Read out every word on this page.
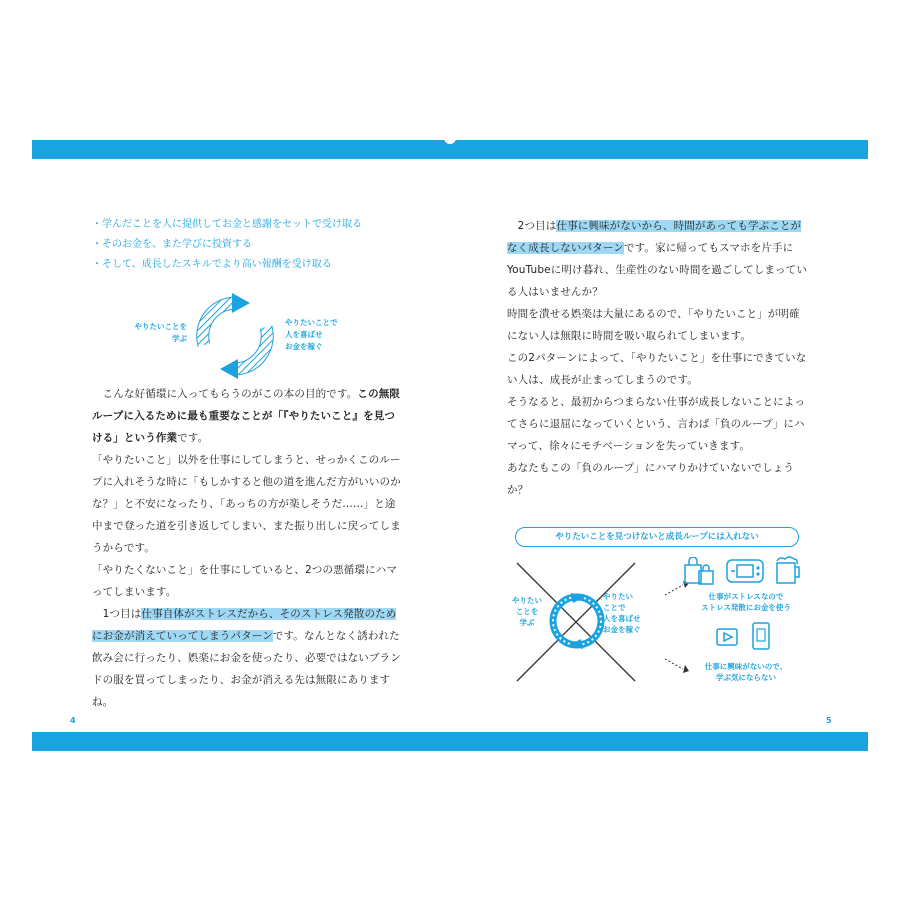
4	5
・学んだことを人に提供してお金と感謝をセットで受け取る
・そのお金を、また学びに投資する
・そして、成長したスキルでより高い報酬を受け取る
やりたいことを
学ぶ
やりたいことで
人を喜ばせ
お金を稼ぐ

　こんな好循環に入ってもらうのがこの本の目的です。この無限ループに入るために最も重要なことが「『やりたいこと』を見つける」という作業です。

「やりたいこと」以外を仕事にしてしまうと、せっかくこのループに入れそうな時に「もしかすると他の道を進んだ方がいいのかな？」と不安になったり、「あっちの方が楽しそうだ……」と途中まで登った道を引き返してしまい、また振り出しに戻ってしまうからです。

「やりたくないこと」を仕事にしていると、2つの悪循環にハマってしまいます。

　1つ目は仕事自体がストレスだから、そのストレス発散のためにお金が消えていってしまうパターンです。なんとなく誘われた飲み会に行ったり、娯楽にお金を使ったり、必要ではないブランドの服を買ってしまったり、お金が消える先は無限にありますね。

　2つ目は仕事に興味がないから、時間があっても学ぶことがなく成長しないパターンです。家に帰ってもスマホを片手にYouTubeに明け暮れ、生産性のない時間を過ごしてしまっている人はいませんか？

時間を潰せる娯楽は大量にあるので、「やりたいこと」が明確にない人は無限に時間を吸い取られてしまいます。

この2パターンによって、「やりたいこと」を仕事にできていない人は、成長が止まってしまうのです。

そうなると、最初からつまらない仕事が成長しないことによってさらに退屈になっていくという、言わば「負のループ」にハマって、徐々にモチベーションを失っていきます。

あなたもこの「負のループ」にハマりかけていないでしょうか？

やりたいことを見つけないと成長ループには入れない
やりたい
ことを
学ぶ
やりたい
ことで
人を喜ばせ
お金を稼ぐ
仕事がストレスなので
ストレス発散にお金を使う
仕事に興味がないので、
学ぶ気にならない
